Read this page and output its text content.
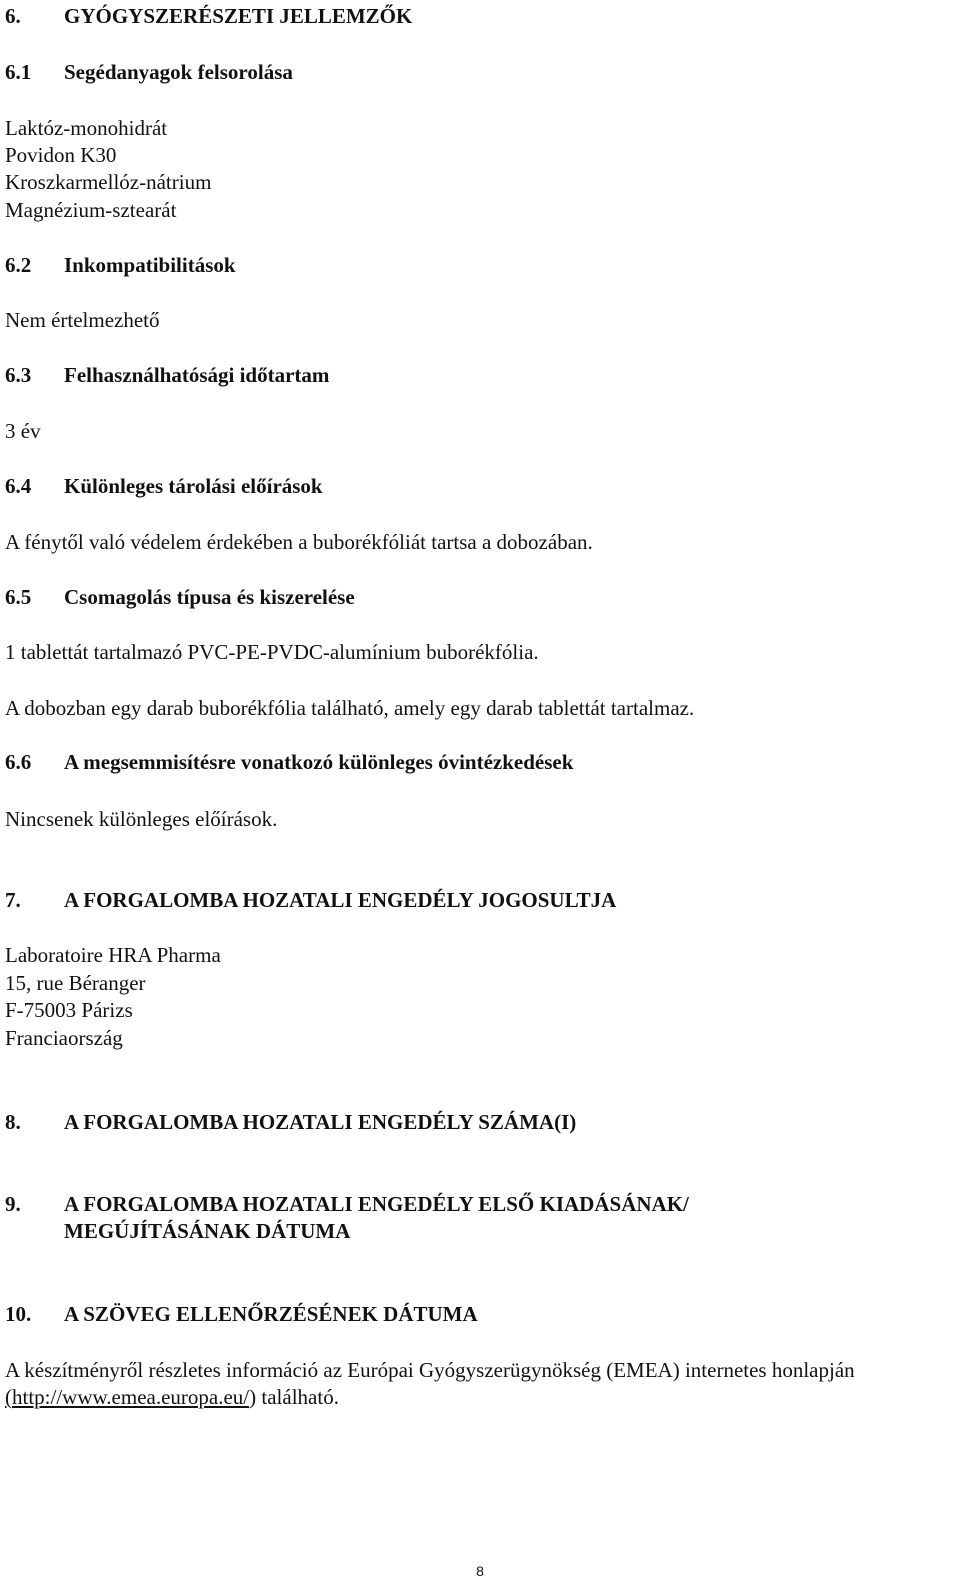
6. GYÓGYSZERÉSZETI JELLEMZŐK
6.1 Segédanyagok felsorolása
Laktóz-monohidrát
Povidon K30
Kroszkarmellóz-nátrium
Magnézium-sztearát
6.2 Inkompatibilitások
Nem értelmezhető
6.3 Felhasználhatósági időtartam
3 év
6.4 Különleges tárolási előírások
A fénytől való védelem érdekében a buborékfóliát tartsa a dobozában.
6.5 Csomagolás típusa és kiszerelése
1 tablettát tartalmazó PVC-PE-PVDC-alumínium buborékfólia.
A dobozban egy darab buborékfólia található, amely egy darab tablettát tartalmaz.
6.6 A megsemmisítésre vonatkozó különleges óvintézkedések
Nincsenek különleges előírások.
7. A FORGALOMBA HOZATALI ENGEDÉLY JOGOSULTJA
Laboratoire HRA Pharma
15, rue Béranger
F-75003 Párizs
Franciaország
8. A FORGALOMBA HOZATALI ENGEDÉLY SZÁMA(I)
9. A FORGALOMBA HOZATALI ENGEDÉLY ELSŐ KIADÁSÁNAK/
MEGÚJÍTÁSÁNAK DÁTUMA
10. A SZÖVEG ELLENŐRZÉSÉNEK DÁTUMA
A készítményről részletes információ az Európai Gyógyszerügynökség (EMEA) internetes honlapján
(http://www.emea.europa.eu/) található.
8
